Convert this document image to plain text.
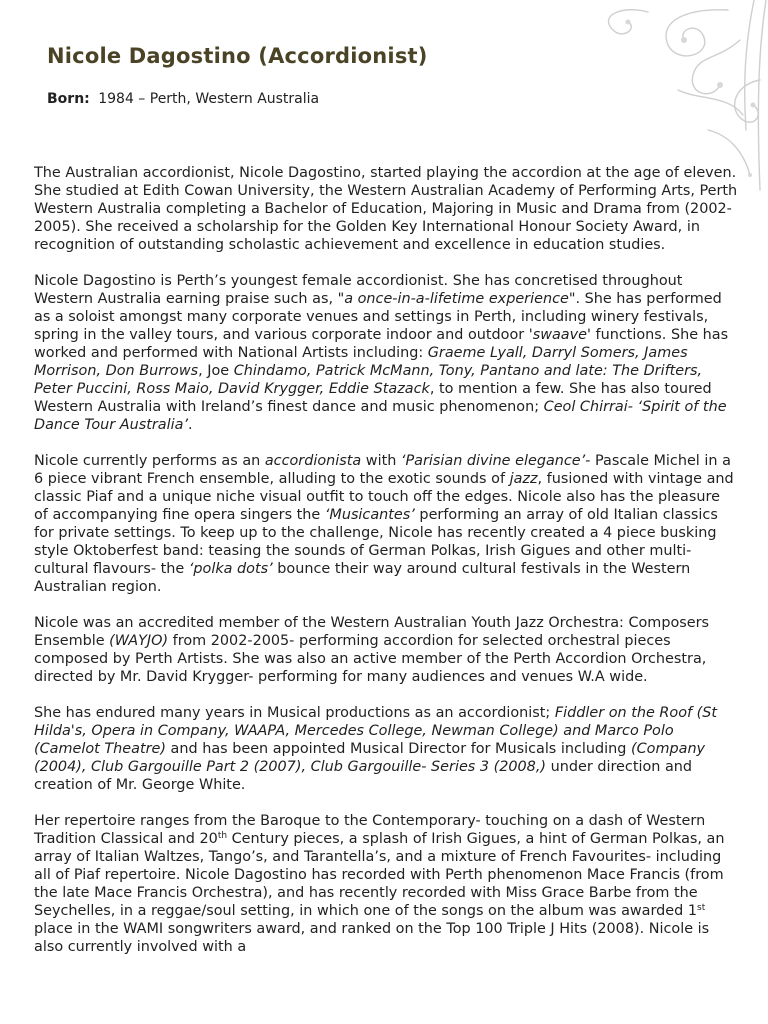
Nicole Dagostino (Accordionist)
Born: 1984 – Perth, Western Australia

The Australian accordionist, Nicole Dagostino, started playing the accordion at the age of eleven. She studied at Edith Cowan University, the Western Australian Academy of Performing Arts, Perth Western Australia completing a Bachelor of Education, Majoring in Music and Drama from (2002- 2005). She received a scholarship for the Golden Key International Honour Society Award, in recognition of outstanding scholastic achievement and excellence in education studies.

Nicole Dagostino is Perth’s youngest female accordionist. She has concretised throughout Western Australia earning praise such as, "a once-in-a-lifetime experience". She has performed as a soloist amongst many corporate venues and settings in Perth, including winery festivals, spring in the valley tours, and various corporate indoor and outdoor 'swaave' functions. She has worked and performed with National Artists including: Graeme Lyall, Darryl Somers, James Morrison, Don Burrows, Joe Chindamo, Patrick McMann, Tony, Pantano and late: The Drifters, Peter Puccini, Ross Maio, David Krygger, Eddie Stazack, to mention a few. She has also toured Western Australia with Ireland’s finest dance and music phenomenon; Ceol Chirrai- ‘Spirit of the Dance Tour Australia’.

Nicole currently performs as an accordionista with ‘Parisian divine elegance’- Pascale Michel in a 6 piece vibrant French ensemble, alluding to the exotic sounds of jazz, fusioned with vintage and classic Piaf and a unique niche visual outfit to touch off the edges. Nicole also has the pleasure of accompanying fine opera singers the ‘Musicantes’ performing an array of old Italian classics for private settings. To keep up to the challenge, Nicole has recently created a 4 piece busking style Oktoberfest band: teasing the sounds of German Polkas, Irish Gigues and other multi-cultural flavours- the ‘polka dots’ bounce their way around cultural festivals in the Western Australian region.

Nicole was an accredited member of the Western Australian Youth Jazz Orchestra: Composers Ensemble (WAYJO) from 2002-2005- performing accordion for selected orchestral pieces composed by Perth Artists. She was also an active member of the Perth Accordion Orchestra, directed by Mr. David Krygger- performing for many audiences and venues W.A wide.

She has endured many years in Musical productions as an accordionist; Fiddler on the Roof (St Hilda's, Opera in Company, WAAPA, Mercedes College, Newman College) and Marco Polo (Camelot Theatre) and has been appointed Musical Director for Musicals including (Company (2004), Club Gargouille Part 2 (2007), Club Gargouille- Series 3 (2008,) under direction and creation of Mr. George White.

Her repertoire ranges from the Baroque to the Contemporary- touching on a dash of Western Tradition Classical and 20th Century pieces, a splash of Irish Gigues, a hint of German Polkas, an array of Italian Waltzes, Tango’s, and Tarantella’s, and a mixture of French Favourites- including all of Piaf repertoire. Nicole Dagostino has recorded with Perth phenomenon Mace Francis (from the late Mace Francis Orchestra), and has recently recorded with Miss Grace Barbe from the Seychelles, in a reggae/soul setting, in which one of the songs on the album was awarded 1st place in the WAMI songwriters award, and ranked on the Top 100 Triple J Hits (2008). Nicole is also currently involved with a
